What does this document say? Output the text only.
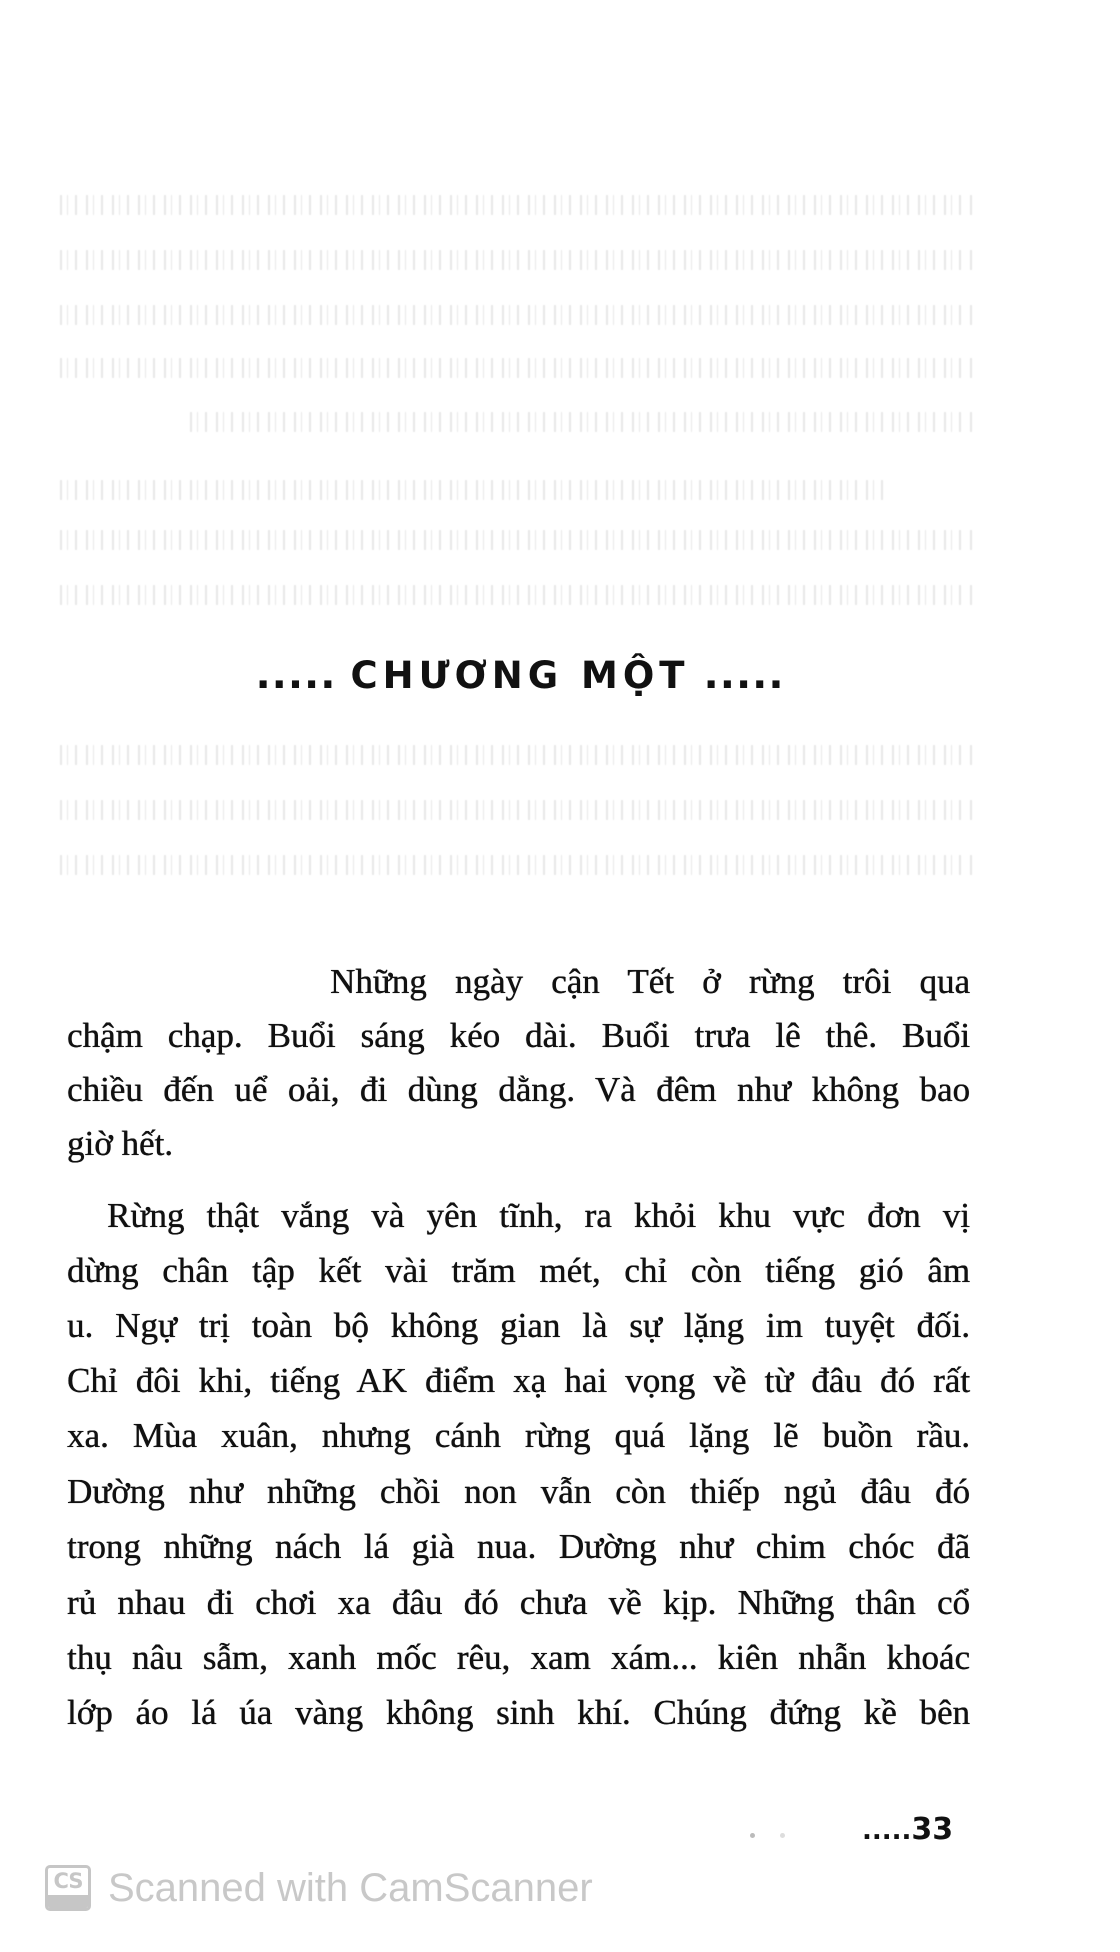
..... CHƯƠNG MỘT .....
Những ngày cận Tết ở rừng trôi qua
chậm chạp. Buổi sáng kéo dài. Buổi trưa lê thê. Buổi
chiều đến uể oải, đi dùng dằng. Và đêm như không bao
giờ hết.
Rừng thật vắng và yên tĩnh, ra khỏi khu vực đơn vị
dừng chân tập kết vài trăm mét, chỉ còn tiếng gió âm
u. Ngự trị toàn bộ không gian là sự lặng im tuyệt đối.
Chỉ đôi khi, tiếng AK điểm xạ hai vọng về từ đâu đó rất
xa. Mùa xuân, nhưng cánh rừng quá lặng lẽ buồn rầu.
Dường như những chồi non vẫn còn thiếp ngủ đâu đó
trong những nách lá già nua. Dường như chim chóc đã
rủ nhau đi chơi xa đâu đó chưa về kịp. Những thân cổ
thụ nâu sẫm, xanh mốc rêu, xam xám... kiên nhẫn khoác
lớp áo lá úa vàng không sinh khí. Chúng đứng kề bên
.....33
CS Scanned with CamScanner
